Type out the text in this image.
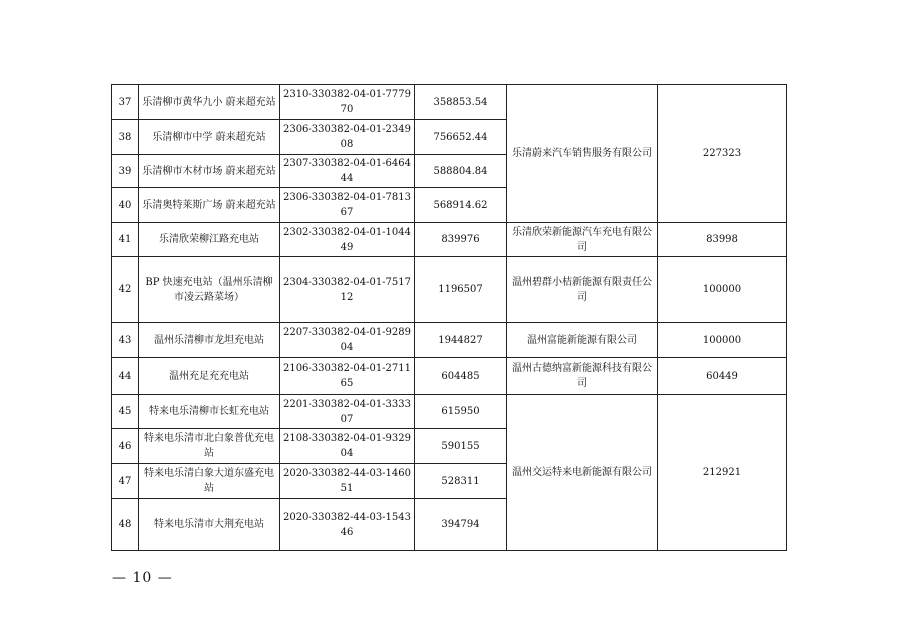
37	乐清柳市黄华九小 蔚来超充站	2310-330382-04-01-777970	358853.54	乐清蔚来汽车销售服务有限公司	227323
38	乐清柳市中学 蔚来超充站	2306-330382-04-01-234908	756652.44		
39	乐清柳市木材市场 蔚来超充站	2307-330382-04-01-646444	588804.84		
40	乐清奥特莱斯广场 蔚来超充站	2306-330382-04-01-781367	568914.62		
41	乐清欣荣柳江路充电站	2302-330382-04-01-104449	839976	乐清欣荣新能源汽车充电有限公司	83998
42	BP 快速充电站（温州乐清柳市凌云路菜场）	2304-330382-04-01-751712	1196507	温州碧群小桔新能源有限责任公司	100000
43	温州乐清柳市龙坦充电站	2207-330382-04-01-928904	1944827	温州富能新能源有限公司	100000
44	温州充足充充电站	2106-330382-04-01-271165	604485	温州古德纳富新能源科技有限公司	60449
45	特来电乐清柳市长虹充电站	2201-330382-04-01-333307	615950	温州交运特来电新能源有限公司	212921
46	特来电乐清市北白象普优充电站	2108-330382-04-01-932904	590155		
47	特来电乐清白象大道东盛充电站	2020-330382-44-03-146051	528311		
48	特来电乐清市大荆充电站	2020-330382-44-03-154346	394794		
— 10 —
